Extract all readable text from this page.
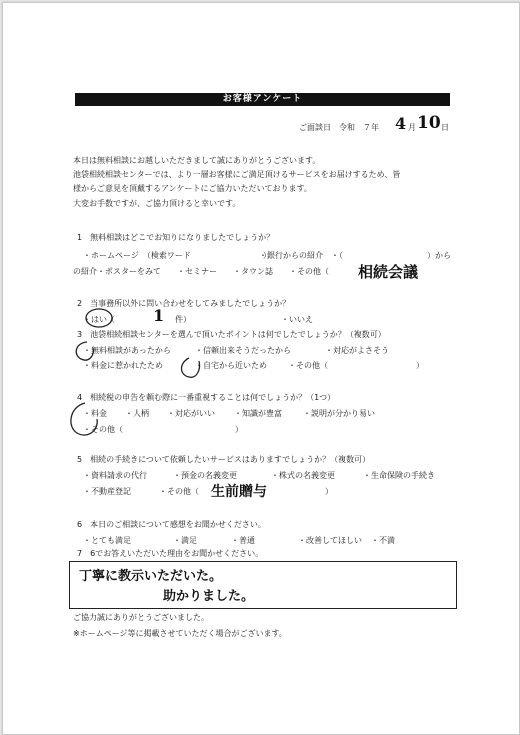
お客様アンケート
ご面談日　令和　７年 4 月 10 日
本日は無料相談にお越しいただきまして誠にありがとうございます。
池袋相続相談センターでは、より一層お客様にご満足頂けるサービスをお届けするため、皆
様からご意見を頂戴するアンケートにご協力いただいております。
大変お手数ですが、ご協力頂けると幸いです。
1　無料相談はどこでお知りになりましたでしょうか？
・ホームページ　（検索ワード　　　　　　　　　）
・銀行からの紹介　・（	）から
の紹介・ポスターをみて　　・セミナー　　・タウン誌　　・その他（ 相続会議
2　当事務所以外に問い合わせをしてみましたでしょうか？
・はい（ 1 件）	・いいえ
3　池袋相続相談センターを選んで頂いたポイントは何でしたでしょうか？（複数可）
・無料相談があったから	・信頼出来そうだったから	・対応がよさそう
・料金に惹かれたため	・自宅から近いため	・その他（　　　　　　　　　　　）
4　相続税の申告を頼む際に一番重視することは何でしょうか？（1つ）
・料金 ・人柄 ・対応がいい ・知識が豊富	・説明が分かり易い
・その他（　　　　　　　　　　　　　　）
5　相続の手続きについて依頼したいサービスはありますでしょうか？（複数可）
・資料請求の代行	・預金の名義変更	・株式の名義変更	・生命保険の手続き
・不動産登記	・その他（ 生前贈与	）
6　本日のご相談について感想をお聞かせください。
・とても満足	・満足	・普通	・改善してほしい ・不満
7　6でお答えいただいた理由をお聞かせください。
丁寧に教示いただいた。
助かりました。
ご協力誠にありがとうございました。
※ホームページ等に掲載させていただく場合がございます。
